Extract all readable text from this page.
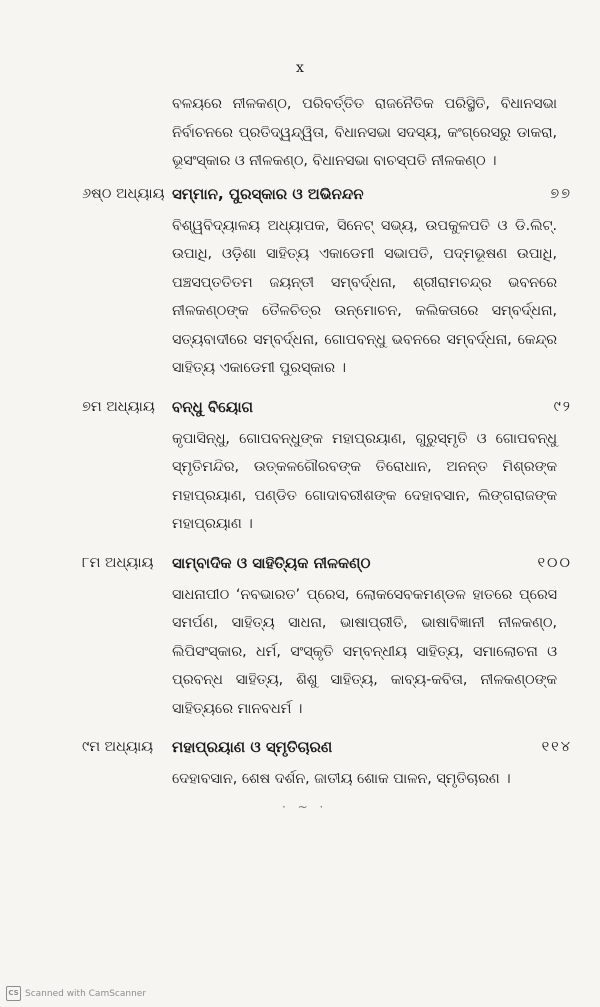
x
ବଳୟରେ ନୀଳକଣ୍ଠ, ପରିବର୍ତ୍ତିତ ରାଜନୈତିକ ପରିସ୍ଥିତି, ବିଧାନସଭା ନିର୍ବାଚନରେ ପ୍ରତିଦ୍ୱନ୍ଦ୍ୱିତା, ବିଧାନସଭା ସଦସ୍ୟ, କଂଗ୍ରେସରୁ ଡାକରା, ଭୂସଂସ୍କାର ଓ ନୀଳକଣ୍ଠ, ବିଧାନସଭା ବାଚସ୍ପତି ନୀଳକଣ୍ଠ ।
୬ଷ୍ଠ ଅଧ୍ୟାୟ ସମ୍ମାନ, ପୁରସ୍କାର ଓ ଅଭିନନ୍ଦନ	୭୭
ବିଶ୍ୱବିଦ୍ୟାଳୟ ଅଧ୍ୟାପକ, ସିନେଟ୍ ସଭ୍ୟ, ଉପକୁଳପତି ଓ ଡି.ଲିଟ୍. ଉପାଧି, ଓଡ଼ିଶା ସାହିତ୍ୟ ଏକାଡେମୀ ସଭାପତି, ପଦ୍ମଭୂଷଣ ଉପାଧି, ପଞ୍ଚସପ୍ତତିତମ ଜୟନ୍ତୀ ସମ୍ବର୍ଦ୍ଧନା, ଶ୍ରୀରାମଚନ୍ଦ୍ର ଭବନରେ ନୀଳକଣ୍ଠଙ୍କ ତୈଳଚିତ୍ର ଉନ୍ମୋଚନ, କଲିକତାରେ ସମ୍ବର୍ଦ୍ଧନା, ସତ୍ୟବାଦୀରେ ସମ୍ବର୍ଦ୍ଧନା, ଗୋପବନ୍ଧୁ ଭବନରେ ସମ୍ବର୍ଦ୍ଧନା, କେନ୍ଦ୍ର ସାହିତ୍ୟ ଏକାଡେମୀ ପୁରସ୍କାର ।
୭ମ ଅଧ୍ୟାୟ ବନ୍ଧୁ ବିୟୋଗ	୯୨
କୃପାସିନ୍ଧୁ, ଗୋପବନ୍ଧୁଙ୍କ ମହାପ୍ରୟାଣ, ଗୁରୁସ୍ମୃତି ଓ ଗୋପବନ୍ଧୁ ସ୍ମୃତିମନ୍ଦିର, ଉତ୍କଳଗୌରବଙ୍କ ତିରୋଧାନ, ଅନନ୍ତ ମିଶ୍ରଙ୍କ ମହାପ୍ରୟାଣ, ପଣ୍ଡିତ ଗୋଦାବରୀଶଙ୍କ ଦେହାବସାନ, ଲିଙ୍ଗରାଜଙ୍କ ମହାପ୍ରୟାଣ ।
୮ମ ଅଧ୍ୟାୟ ସାମ୍ବାଦିକ ଓ ସାହିତ୍ୟିକ ନୀଳକଣ୍ଠ	୧୦୦
ସାଧନାପୀଠ ‘ନବଭାରତ’ ପ୍ରେସ, ଲୋକସେବକମଣ୍ଡଳ ହାତରେ ପ୍ରେସ ସମର୍ପଣ, ସାହିତ୍ୟ ସାଧନା, ଭାଷାପ୍ରୀତି, ଭାଷାବିଜ୍ଞାନୀ ନୀଳକଣ୍ଠ, ଲିପିସଂସ୍କାର, ଧର୍ମ, ସଂସ୍କୃତି ସମ୍ବନ୍ଧୀୟ ସାହିତ୍ୟ, ସମାଲୋଚନା ଓ ପ୍ରବନ୍ଧ ସାହିତ୍ୟ, ଶିଶୁ ସାହିତ୍ୟ, କାବ୍ୟ-କବିତା, ନୀଳକଣ୍ଠଙ୍କ ସାହିତ୍ୟରେ ମାନବଧର୍ମ ।
୯ମ ଅଧ୍ୟାୟ ମହାପ୍ରୟାଣ ଓ ସ୍ମୃତିଚାରଣ	୧୧୪
ଦେହାବସାନ, ଶେଷ ଦର୍ଶନ, ଜାତୀୟ ଶୋକ ପାଳନ, ସ୍ମୃତିଚାରଣ ।
· ~ ·
CS Scanned with CamScanner
